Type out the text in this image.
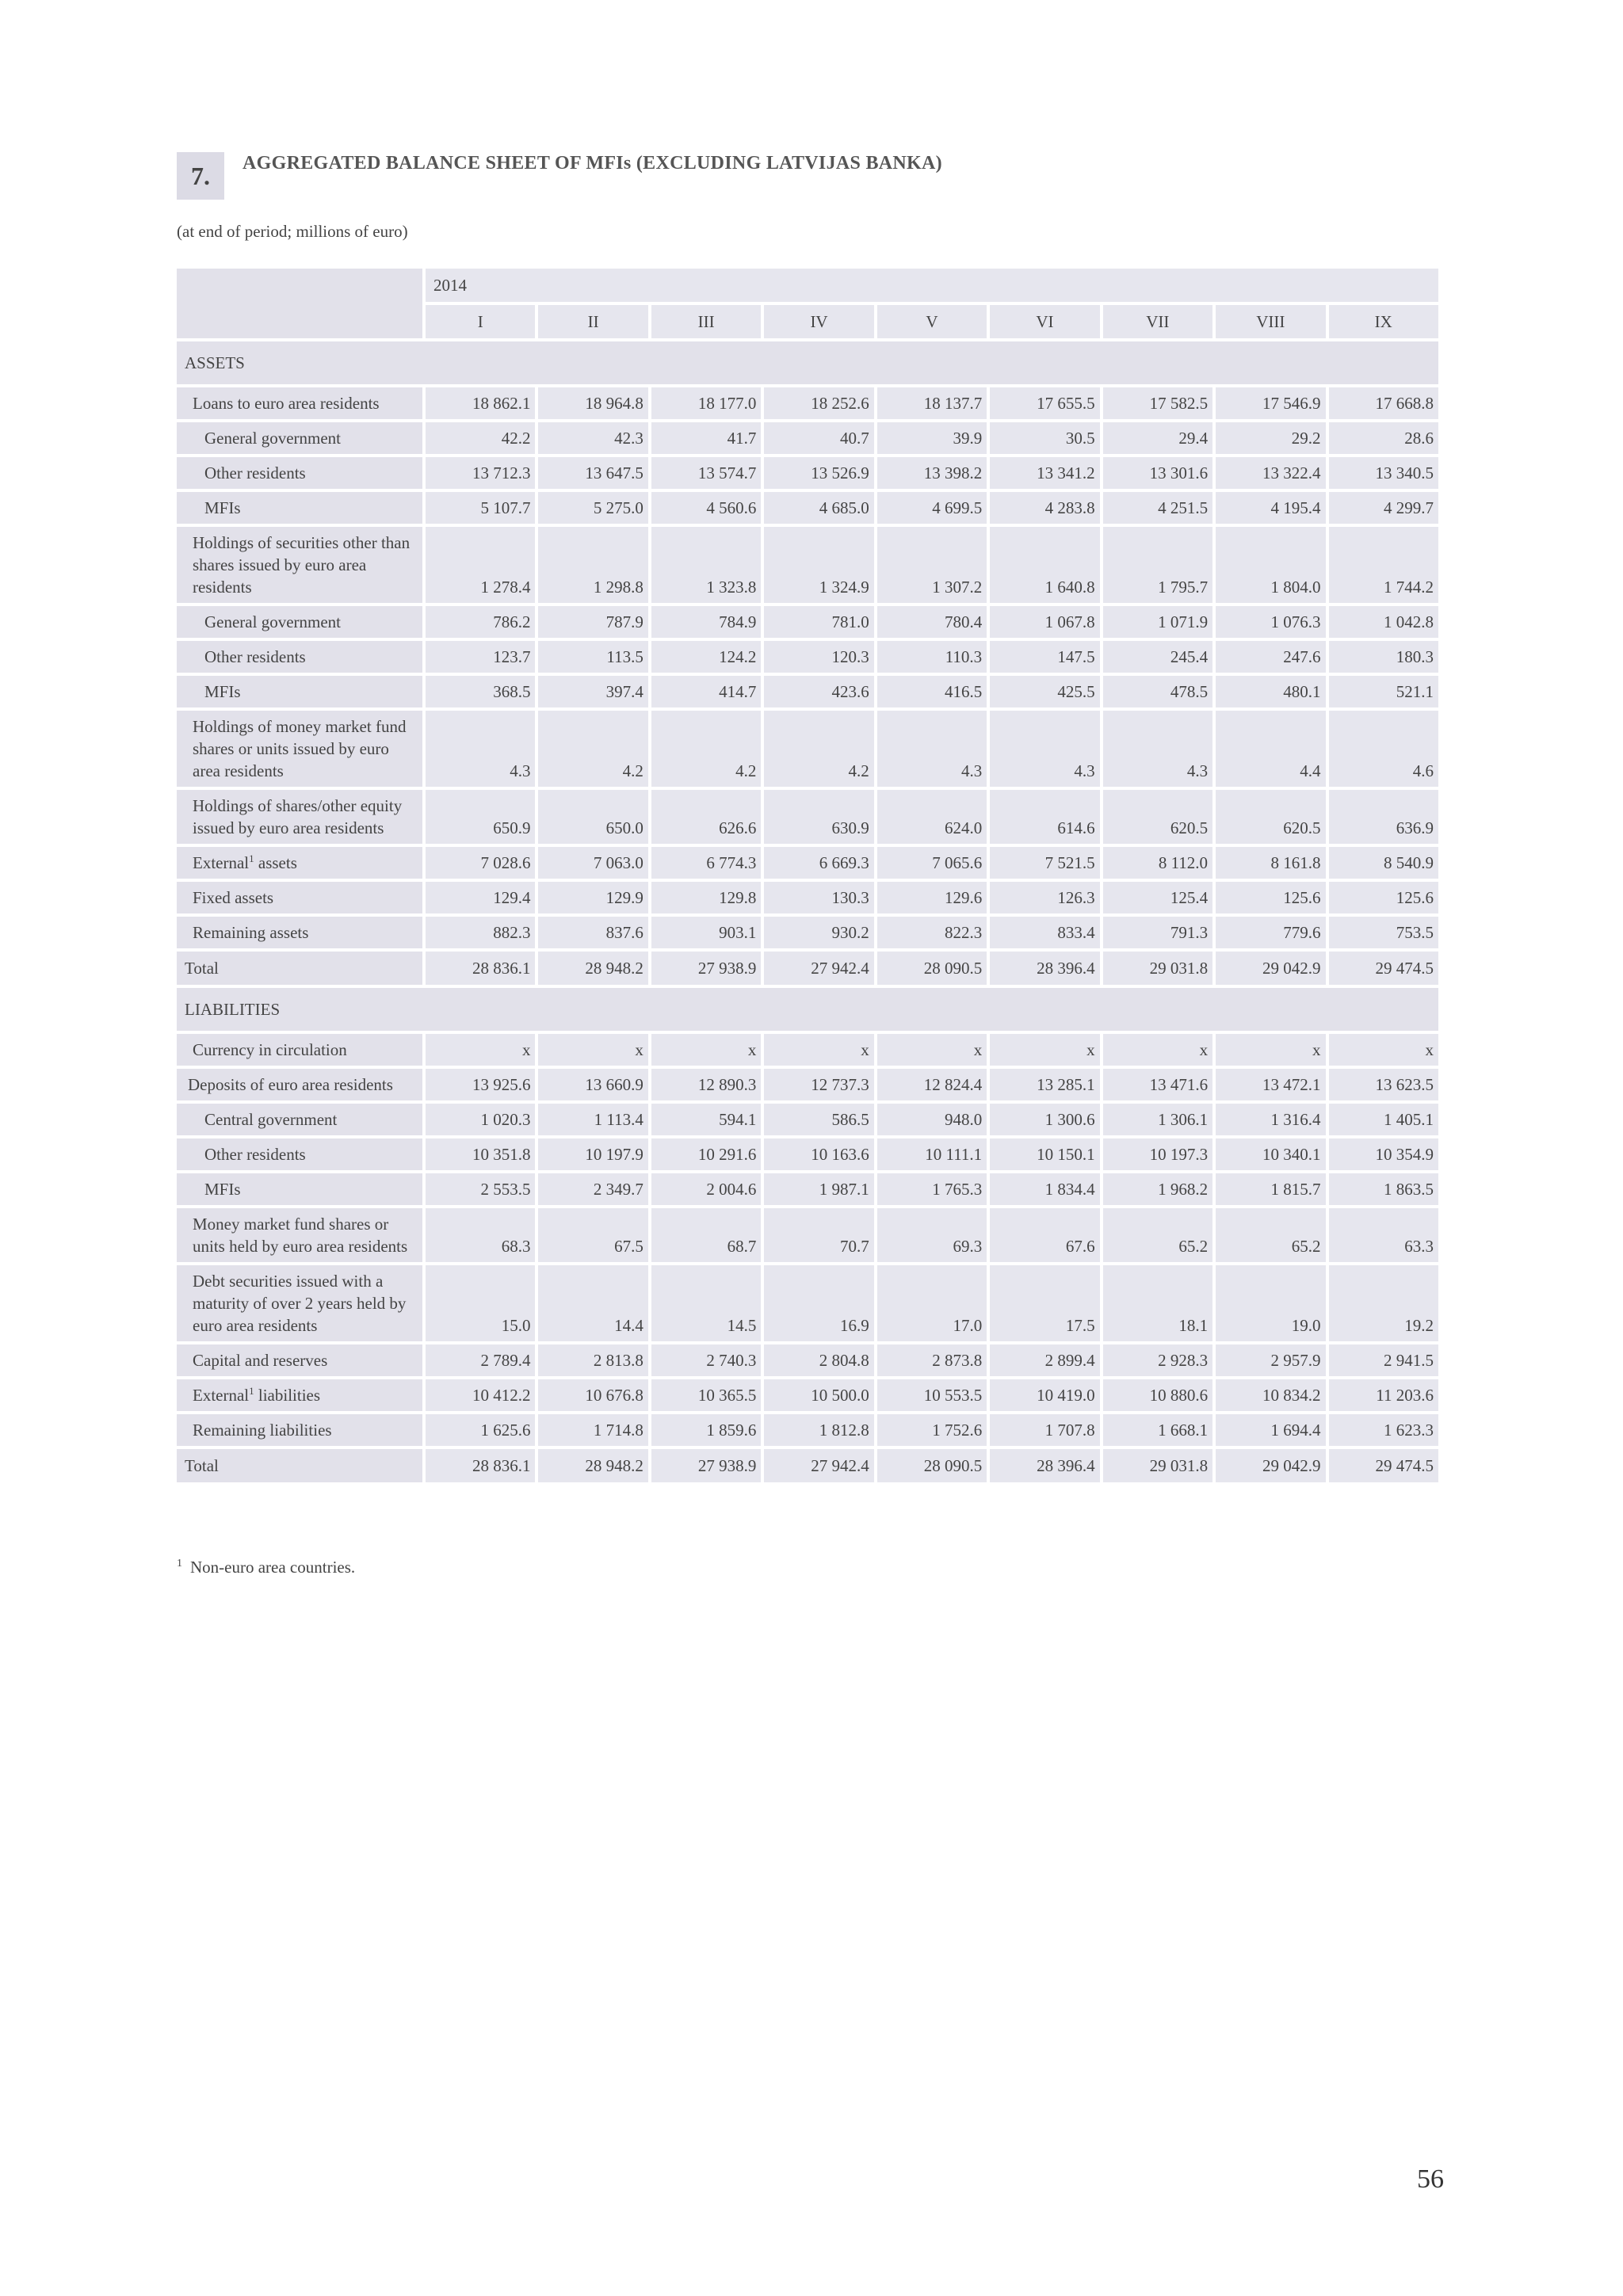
7.	AGGREGATED BALANCE SHEET OF MFIs (EXCLUDING LATVIJAS BANKA)
(at end of period; millions of euro)
	2014								
	I	II	III	IV	V	VI	VII	VIII	IX
ASSETS									
Loans to euro area residents	18 862.1	18 964.8	18 177.0	18 252.6	18 137.7	17 655.5	17 582.5	17 546.9	17 668.8
General government	42.2	42.3	41.7	40.7	39.9	30.5	29.4	29.2	28.6
Other residents	13 712.3	13 647.5	13 574.7	13 526.9	13 398.2	13 341.2	13 301.6	13 322.4	13 340.5
MFIs	5 107.7	5 275.0	4 560.6	4 685.0	4 699.5	4 283.8	4 251.5	4 195.4	4 299.7
Holdings of securities other than shares issued by euro area residents	1 278.4	1 298.8	1 323.8	1 324.9	1 307.2	1 640.8	1 795.7	1 804.0	1 744.2
General government	786.2	787.9	784.9	781.0	780.4	1 067.8	1 071.9	1 076.3	1 042.8
Other residents	123.7	113.5	124.2	120.3	110.3	147.5	245.4	247.6	180.3
MFIs	368.5	397.4	414.7	423.6	416.5	425.5	478.5	480.1	521.1
Holdings of money market fund shares or units issued by euro area residents	4.3	4.2	4.2	4.2	4.3	4.3	4.3	4.4	4.6
Holdings of shares/other equity issued by euro area residents	650.9	650.0	626.6	630.9	624.0	614.6	620.5	620.5	636.9
External$^1$ assets	7 028.6	7 063.0	6 774.3	6 669.3	7 065.6	7 521.5	8 112.0	8 161.8	8 540.9
Fixed assets	129.4	129.9	129.8	130.3	129.6	126.3	125.4	125.6	125.6
Remaining assets	882.3	837.6	903.1	930.2	822.3	833.4	791.3	779.6	753.5
Total	28 836.1	28 948.2	27 938.9	27 942.4	28 090.5	28 396.4	29 031.8	29 042.9	29 474.5
LIABILITIES									
Currency in circulation	x	x	x	x	x	x	x	x	x
Deposits of euro area residents	13 925.6	13 660.9	12 890.3	12 737.3	12 824.4	13 285.1	13 471.6	13 472.1	13 623.5
Central government	1 020.3	1 113.4	594.1	586.5	948.0	1 300.6	1 306.1	1 316.4	1 405.1
Other residents	10 351.8	10 197.9	10 291.6	10 163.6	10 111.1	10 150.1	10 197.3	10 340.1	10 354.9
MFIs	2 553.5	2 349.7	2 004.6	1 987.1	1 765.3	1 834.4	1 968.2	1 815.7	1 863.5
Money market fund shares or units held by euro area residents	68.3	67.5	68.7	70.7	69.3	67.6	65.2	65.2	63.3
Debt securities issued with a maturity of over 2 years held by euro area residents	15.0	14.4	14.5	16.9	17.0	17.5	18.1	19.0	19.2
Capital and reserves	2 789.4	2 813.8	2 740.3	2 804.8	2 873.8	2 899.4	2 928.3	2 957.9	2 941.5
External$^1$ liabilities	10 412.2	10 676.8	10 365.5	10 500.0	10 553.5	10 419.0	10 880.6	10 834.2	11 203.6
Remaining liabilities	1 625.6	1 714.8	1 859.6	1 812.8	1 752.6	1 707.8	1 668.1	1 694.4	1 623.3
Total	28 836.1	28 948.2	27 938.9	27 942.4	28 090.5	28 396.4	29 031.8	29 042.9	29 474.5
$^1$ Non-euro area countries.
56
